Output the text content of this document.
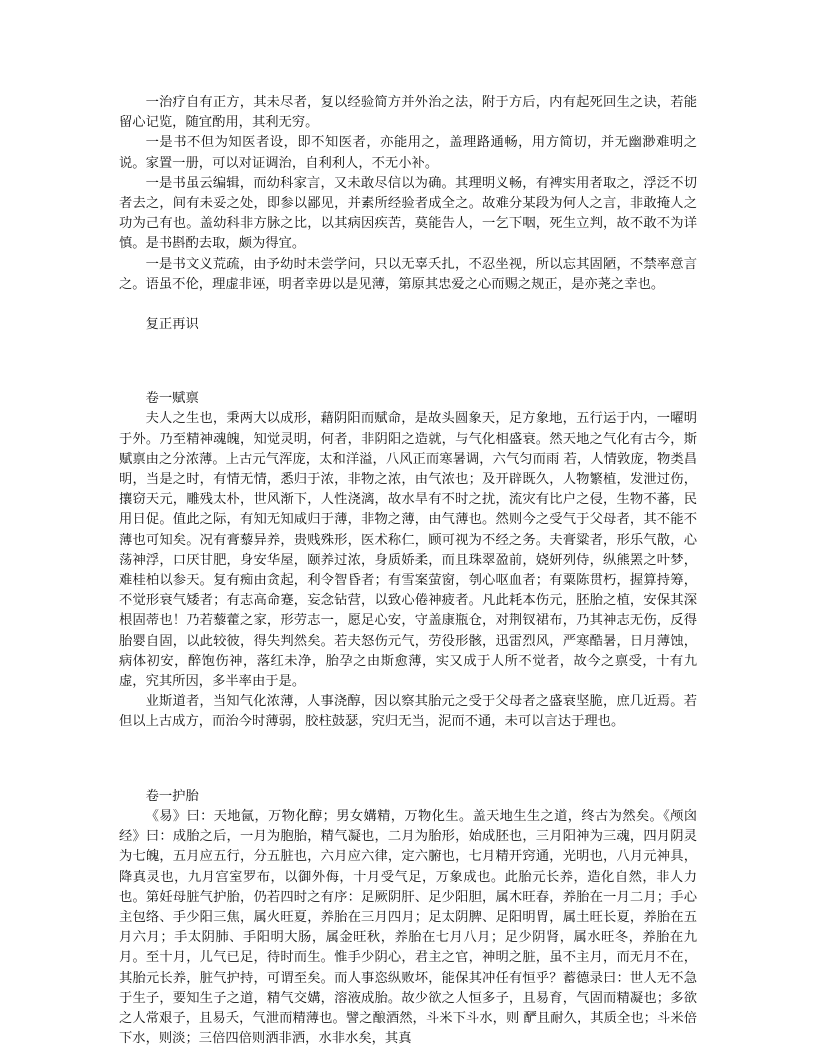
一治疗自有正方，其未尽者，复以经验简方并外治之法，附于方后，内有起死回生之诀，若能留心记览，随宜酌用，其利无穷。

一是书不但为知医者设，即不知医者，亦能用之，盖理路通畅，用方简切，并无幽渺难明之说。家置一册，可以对证调治，自利利人，不无小补。

一是书虽云编辑，而幼科家言，又未敢尽信以为确。其理明义畅，有裨实用者取之，浮泛不切者去之，间有未妥之处，即参以鄙见，并素所经验者成全之。故难分某段为何人之言，非敢掩人之功为己有也。盖幼科非方脉之比，以其病因疾苦，莫能告人，一乞下咽，死生立判，故不敢不为详慎。是书斟酌去取，颇为得宜。

一是书文义荒疏，由予幼时未尝学问，只以无辜夭扎，不忍坐视，所以忘其固陋，不禁率意言之。语虽不伦，理虚非诬，明者幸毋以是见薄，第原其忠爱之心而赐之规正，是亦荛之幸也。

复正再识
卷一赋禀

夫人之生也，秉两大以成形，藉阴阳而赋命，是故头圆象天，足方象地，五行运于内，一曜明于外。乃至精神魂魄，知觉灵明，何者，非阴阳之造就，与气化相盛衰。然天地之气化有古今，斯赋禀由之分浓薄。上古元气浑庞，太和洋溢，八风正而寒暑调，六气匀而雨 若，人情敦庞，物类昌明，当是之时，有情无情，悉归于浓，非物之浓，由气浓也；及开辟既久，人物繁植，发泄过伤，攘窃天元，雕残太朴，世风渐下，人性浇漓，故水旱有不时之扰，流灾有比户之侵，生物不蕃，民用日促。值此之际，有知无知咸归于薄，非物之薄，由气薄也。然则今之受气于父母者，其不能不薄也可知矣。况有膏藜异养，贵贱殊形，医术称仁，顾可视为不经之务。夫膏粱者，形乐气散，心荡神浮，口厌甘肥，身安华屋，颐养过浓，身质娇柔，而且珠翠盈前，娆妍列侍，纵熊罴之叶梦，难桂柏以参天。复有痴由贪起，利令智昏者；有雪案萤窗，刳心呕血者；有粟陈贯朽，握算持筹，不觉形衰气矮者；有志高命蹇，妄念钻营，以致心倦神疲者。凡此耗本伤元，胚胎之植，安保其深根固蒂也！乃若藜藿之家，形劳志一，愿足心安，守盖康瓶仓，对荆钗裙布，乃其神志无伤，反得胎婴自固，以此较彼，得失判然矣。若夫怒伤元气，劳役形骸，迅雷烈风，严寒酷暑，日月薄蚀，病体初安，醉饱伤神，落红未净，胎孕之由斯愈薄，实又成于人所不觉者，故今之禀受，十有九虚，究其所因，多半率由于是。

业斯道者，当知气化浓薄，人事浇醇，因以察其胎元之受于父母者之盛衰坚脆，庶几近焉。若但以上古成方，而治今时薄弱，胶柱鼓瑟，究归无当，泥而不通，未可以言达于理也。

卷一护胎

《易》曰：天地氤，万物化醇；男女媾精，万物化生。盖天地生生之道，终古为然矣。《颅囟经》曰：成胎之后，一月为胞胎，精气凝也，二月为胎形，始成胚也，三月阳神为三魂，四月阴灵为七魄，五月应五行，分五脏也，六月应六律，定六腑也，七月精开窍通，光明也，八月元神具，降真灵也，九月宫室罗布，以御外侮，十月受气足，万象成也。此胎元长养，造化自然，非人力也。第妊母脏气护胎，仍若四时之有序：足厥阴肝、足少阳胆，属木旺春，养胎在一月二月；手心主包络、手少阳三焦，属火旺夏，养胎在三月四月；足太阴脾、足阳明胃，属土旺长夏，养胎在五月六月；手太阴肺、手阳明大肠，属金旺秋，养胎在七月八月；足少阴肾，属水旺冬，养胎在九月。至十月，儿气已足，待时而生。惟手少阴心，君主之官，神明之脏，虽不主月，而无月不在，其胎元长养，脏气护持，可谓至矣。而人事恣纵败坏，能保其冲任有恒乎？蓄德录曰：世人无不急于生子，要知生子之道，精气交媾，溶液成胎。故少欲之人恒多子，且易育，气固而精凝也；多欲之人常艰子，且易夭，气泄而精薄也。譬之酿酒然，斗米下斗水，则 酽且耐久，其质全也；斗米倍下水，则淡；三倍四倍则洒非洒，水非水矣，其真
